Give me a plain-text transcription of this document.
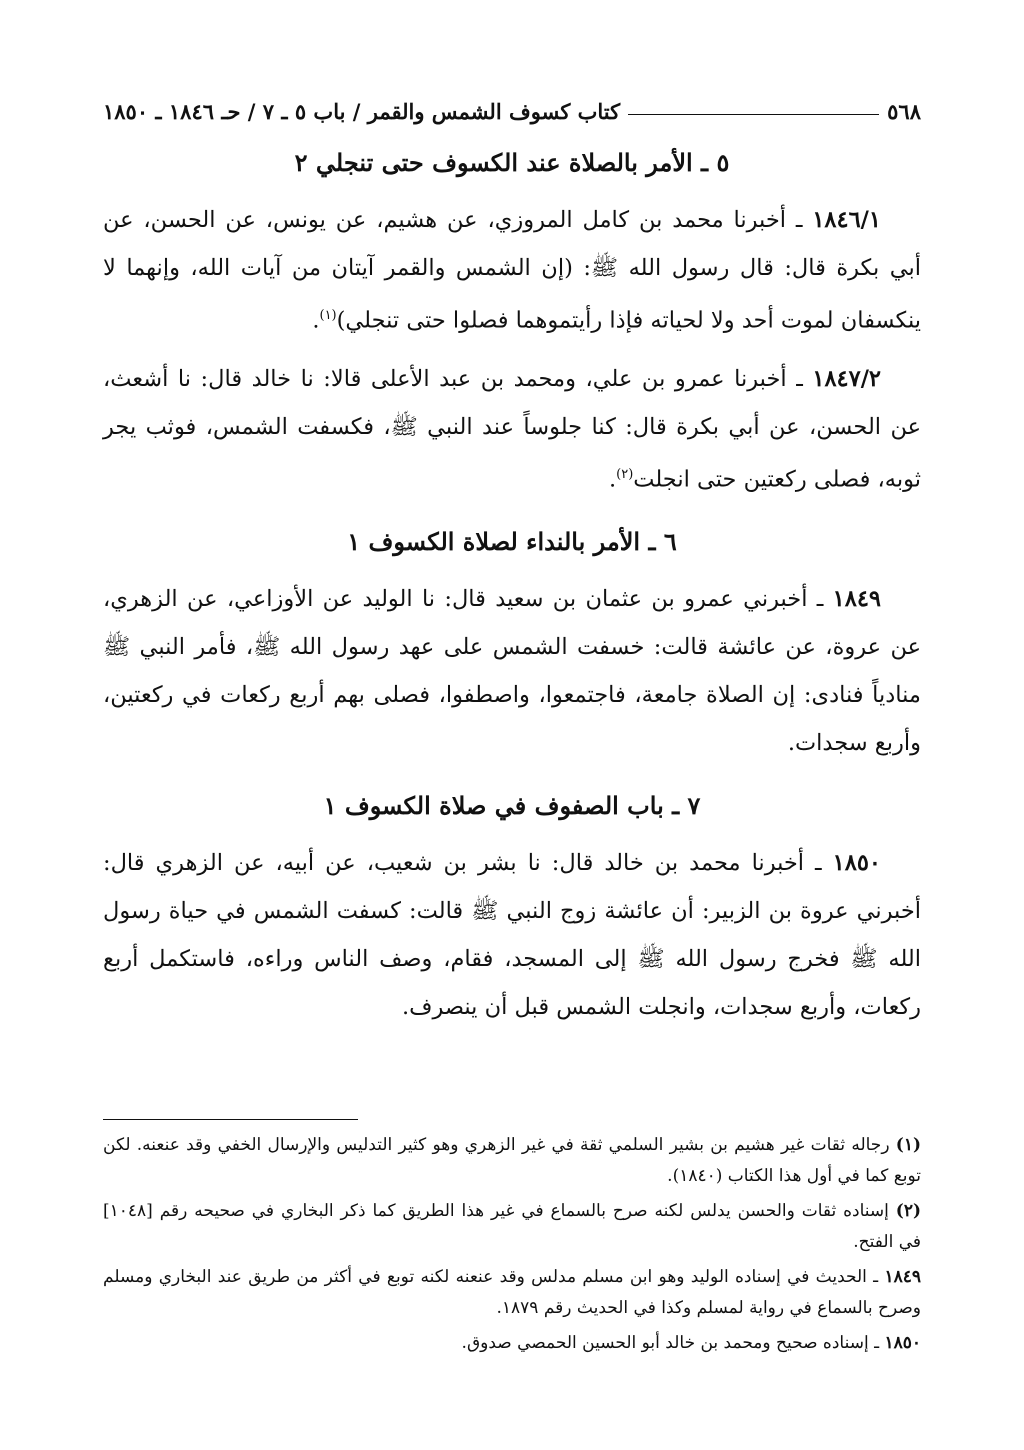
٥٦٨
كتاب كسوف الشمس والقمر / باب ٥ ـ ٧ / حـ ١٨٤٦ ـ ١٨٥٠
٥ ـ الأمر بالصلاة عند الكسوف حتى تنجلي ٢

١٨٤٦/١ ـ أخبرنا محمد بن كامل المروزي، عن هشيم، عن يونس، عن الحسن، عن أبي بكرة قال: قال رسول الله ﷺ: (إن الشمس والقمر آيتان من آيات الله، وإنهما لا ينكسفان لموت أحد ولا لحياته فإذا رأيتموهما فصلوا حتى تنجلي)$^{(١)}$.

١٨٤٧/٢ ـ أخبرنا عمرو بن علي، ومحمد بن عبد الأعلى قالا: نا خالد قال: نا أشعث، عن الحسن، عن أبي بكرة قال: كنا جلوساً عند النبي ﷺ، فكسفت الشمس، فوثب يجر ثوبه، فصلى ركعتين حتى انجلت$^{(٢)}$.

٦ ـ الأمر بالنداء لصلاة الكسوف ١

١٨٤٩ ـ أخبرني عمرو بن عثمان بن سعيد قال: نا الوليد عن الأوزاعي، عن الزهري، عن عروة، عن عائشة قالت: خسفت الشمس على عهد رسول الله ﷺ، فأمر النبي ﷺ منادياً فنادى: إن الصلاة جامعة، فاجتمعوا، واصطفوا، فصلى بهم أربع ركعات في ركعتين، وأربع سجدات.

٧ ـ باب الصفوف في صلاة الكسوف ١

١٨٥٠ ـ أخبرنا محمد بن خالد قال: نا بشر بن شعيب، عن أبيه، عن الزهري قال: أخبرني عروة بن الزبير: أن عائشة زوج النبي ﷺ قالت: كسفت الشمس في حياة رسول الله ﷺ فخرج رسول الله ﷺ إلى المسجد، فقام، وصف الناس وراءه، فاستكمل أربع ركعات، وأربع سجدات، وانجلت الشمس قبل أن ينصرف.

(١) رجاله ثقات غير هشيم بن بشير السلمي ثقة في غير الزهري وهو كثير التدليس والإرسال الخفي وقد عنعنه. لكن توبع كما في أول هذا الكتاب (١٨٤٠).
(٢) إسناده ثقات والحسن يدلس لكنه صرح بالسماع في غير هذا الطريق كما ذكر البخاري في صحيحه رقم [١٠٤٨] في الفتح.
١٨٤٩ ـ الحديث في إسناده الوليد وهو ابن مسلم مدلس وقد عنعنه لكنه توبع في أكثر من طريق عند البخاري ومسلم وصرح بالسماع في رواية لمسلم وكذا في الحديث رقم ١٨٧٩.
١٨٥٠ ـ إسناده صحيح ومحمد بن خالد أبو الحسين الحمصي صدوق.
